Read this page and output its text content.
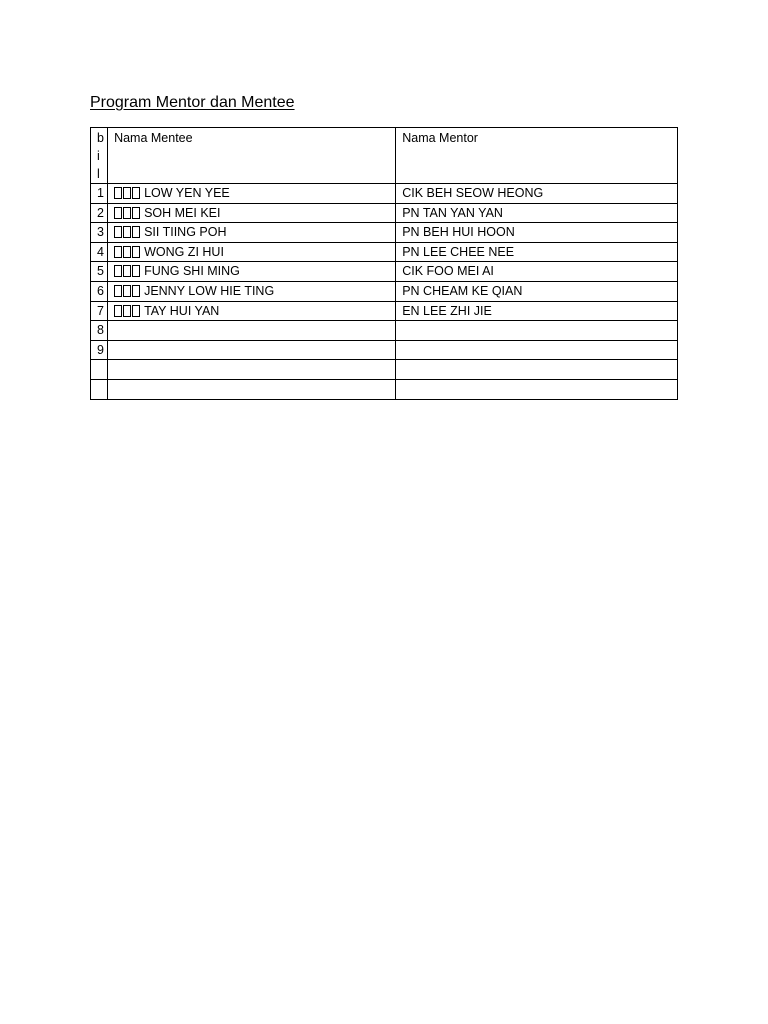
Program Mentor dan Mentee
bil	Nama Mentee	Nama Mentor
1	LOW YEN YEE	CIK BEH SEOW HEONG
2	SOH MEI KEI	PN TAN YAN YAN
3	SII TIING POH	PN BEH HUI HOON
4	WONG ZI HUI	PN LEE CHEE NEE
5	FUNG SHI MING	CIK FOO MEI AI
6	JENNY LOW HIE TING	PN CHEAM KE QIAN
7	TAY HUI YAN	EN LEE ZHI JIE
8		
9		
